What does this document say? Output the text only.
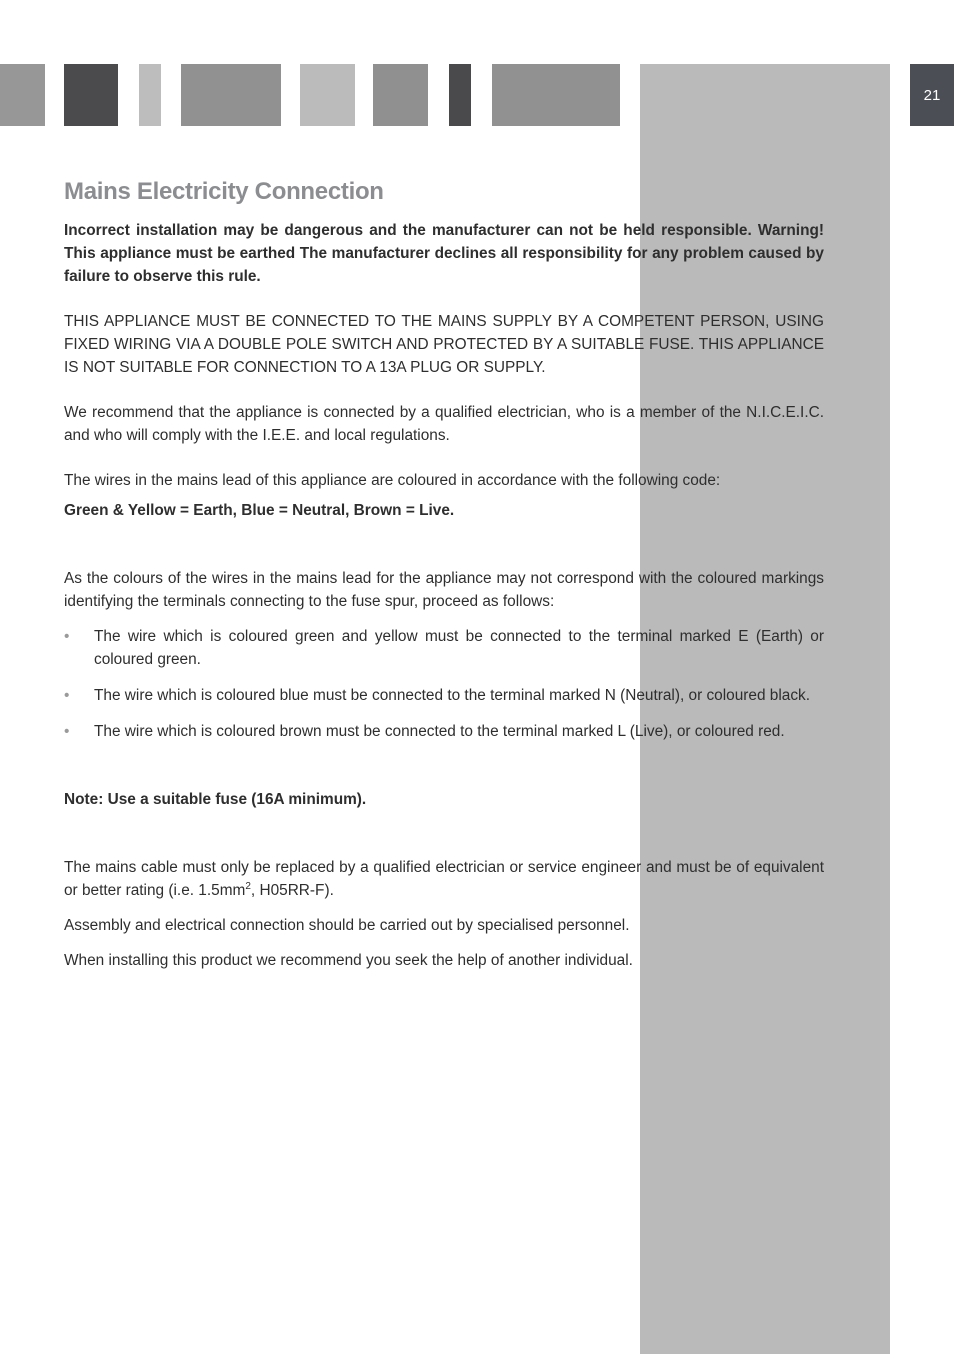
21
Mains Electricity Connection

Incorrect installation may be dangerous and the manufacturer can not be held responsible. Warning! This appliance must be earthed The manufacturer declines all responsibility for any problem caused by failure to observe this rule.

THIS APPLIANCE MUST BE CONNECTED TO THE MAINS SUPPLY BY A COMPETENT PERSON, USING FIXED WIRING VIA A DOUBLE POLE SWITCH AND PROTECTED BY A SUITABLE FUSE. THIS APPLIANCE IS NOT SUITABLE FOR CONNECTION TO A 13A PLUG OR SUPPLY.

We recommend that the appliance is connected by a qualified electrician, who is a member of the N.I.C.E.I.C. and who will comply with the I.E.E. and local regulations.

The wires in the mains lead of this appliance are coloured in accordance with the following code:

Green & Yellow = Earth, Blue = Neutral, Brown = Live.

As the colours of the wires in the mains lead for the appliance may not correspond with the coloured markings identifying the terminals connecting to the fuse spur, proceed as follows:

• The wire which is coloured green and yellow must be connected to the terminal marked E (Earth) or coloured green.
• The wire which is coloured blue must be connected to the terminal marked N (Neutral), or coloured black.
• The wire which is coloured brown must be connected to the terminal marked L (Live), or coloured red.

Note: Use a suitable fuse (16A minimum).

The mains cable must only be replaced by a qualified electrician or service engineer and must be of equivalent or better rating (i.e. $1.5mm^2$, H05RR-F).

Assembly and electrical connection should be carried out by specialised personnel.

When installing this product we recommend you seek the help of another individual.
